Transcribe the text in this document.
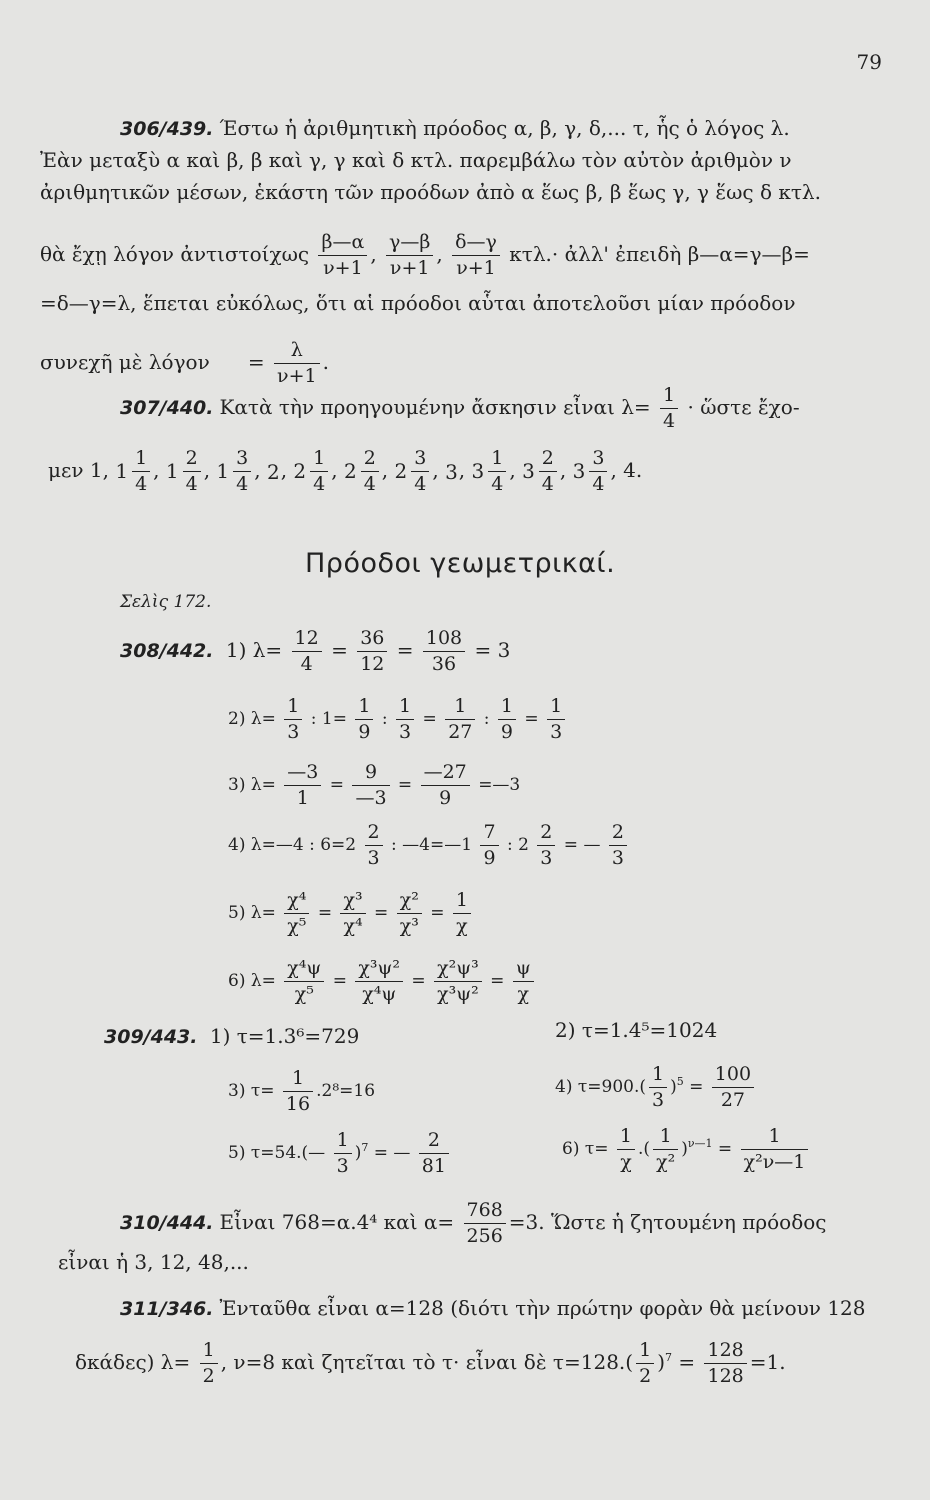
79
306/439. Έστω ἡ ἀριθμητικὴ πρόοδος α, β, γ, δ,... τ, ἧς ὁ λόγος λ.
Ἐὰν μεταξὺ α καὶ β, β καὶ γ, γ καὶ δ κτλ. παρεμβάλω τὸν αὐτὸν ἀριθμὸν ν
ἀριθμητικῶν μέσων, ἑκάστη τῶν προόδων ἀπὸ α ἕως β, β ἕως γ, γ ἕως δ κτλ.
θὰ ἔχῃ λόγον ἀντιστοίχως $\frac{\beta—\alpha}{\nu+1}$ , $\frac{\gamma—\beta}{\nu+1}$ , $\frac{\delta—\gamma}{\nu+1} \kappa\tau\lambda.\cdot$ ἀλλ' ἐπειδὴ β—α=γ—β=
=δ—γ=λ, ἕπεται εὐκόλως, ὅτι αἱ πρόοδοι αὗται ἀποτελοῦσι μίαν πρόοδον
συνεχῆ μὲ $\lambda ό\gamma o\nu = \frac{\lambda}{\nu+1}$ .
307/440. Κατὰ τὴν προηγουμένην ἄσκησιν εἶναι $\lambda= \frac{1}{4}$ · ὥστε ἔχο-
μεν 1, $1 \frac{1}{4}$ , $1 \frac{2}{4}$ , $1 \frac{3}{4}$ , 2, $2 \frac{1}{4}$ , $2 \frac{2}{4}$ , $2 \frac{3}{4}$ , 3, $3 \frac{1}{4}$ , $3 \frac{2}{4}$ , $3 \frac{3}{4}$ , 4.
Πρόοδοι γεωμετρικαί.
Σελὶς 172.
308/442. 1) $\lambda= \frac{12}{4} = \frac{36}{12} = \frac{108}{36} = 3$
2) $\lambda= \frac{1}{3}$ : $1= \frac{1}{9}$ : $\frac{1}{3} = \frac{1}{27}$ : $\frac{1}{9} = \frac{1}{3}$
3) $\lambda= \frac{—3}{1} = \frac{9}{—3} = \frac{—27}{9}$ =—3
4) λ=—4 : $6=2 \frac{2}{3}$ : —4=—1 $\frac{7}{9}$ : $2 \frac{2}{3}$ = — $\frac{2}{3}$
5) $\lambda= \frac{\text{χ⁴}}{\text{χ⁵}} = \frac{\text{χ³}}{\text{χ⁴}} = \frac{\text{χ²}}{\text{χ³}} = \frac{1}{\chi}$
6) $\lambda= \frac{\text{χ⁴ψ}}{\text{χ⁵}} = \frac{\text{χ³ψ²}}{\text{χ⁴ψ}} = \frac{\text{χ²ψ³}}{\text{χ³ψ²}} = \frac{\psi}{\chi}$
309/443. 1) τ=1.3⁶=729	2) τ=1.4⁵=1024
3) $\tau= \frac{1}{16} .2^8=16$	4) $\tau=900.( \frac{1}{3} )^5 = \frac{100}{27}$
5) τ=54.(— $\frac{1}{3} )^7$ = — $\frac{2}{81}$	6) $\tau= \frac{1}{\chi}$ .( $\frac{1}{\text{χ²}} )^{\nu—1} = \frac{1}{\text{χ²ν—1}}$
310/444. Εἶναι 768=α.4⁴ καὶ $\alpha= \frac{768}{256} =3$. Ὥστε ἡ ζητουμένη πρόοδος
εἶναι ἡ 3, 12, 48,...
311/346. Ἐνταῦθα εἶναι α=128 (διότι τὴν πρώτην φορὰν θὰ μείνουν 128
δκάδες) $\lambda= \frac{1}{2}$ , ν=8 καὶ ζητεῖται τὸ τ· εἶναι δὲ $\tau=128.( \frac{1}{2} )^7 = \frac{128}{128} =1$.
